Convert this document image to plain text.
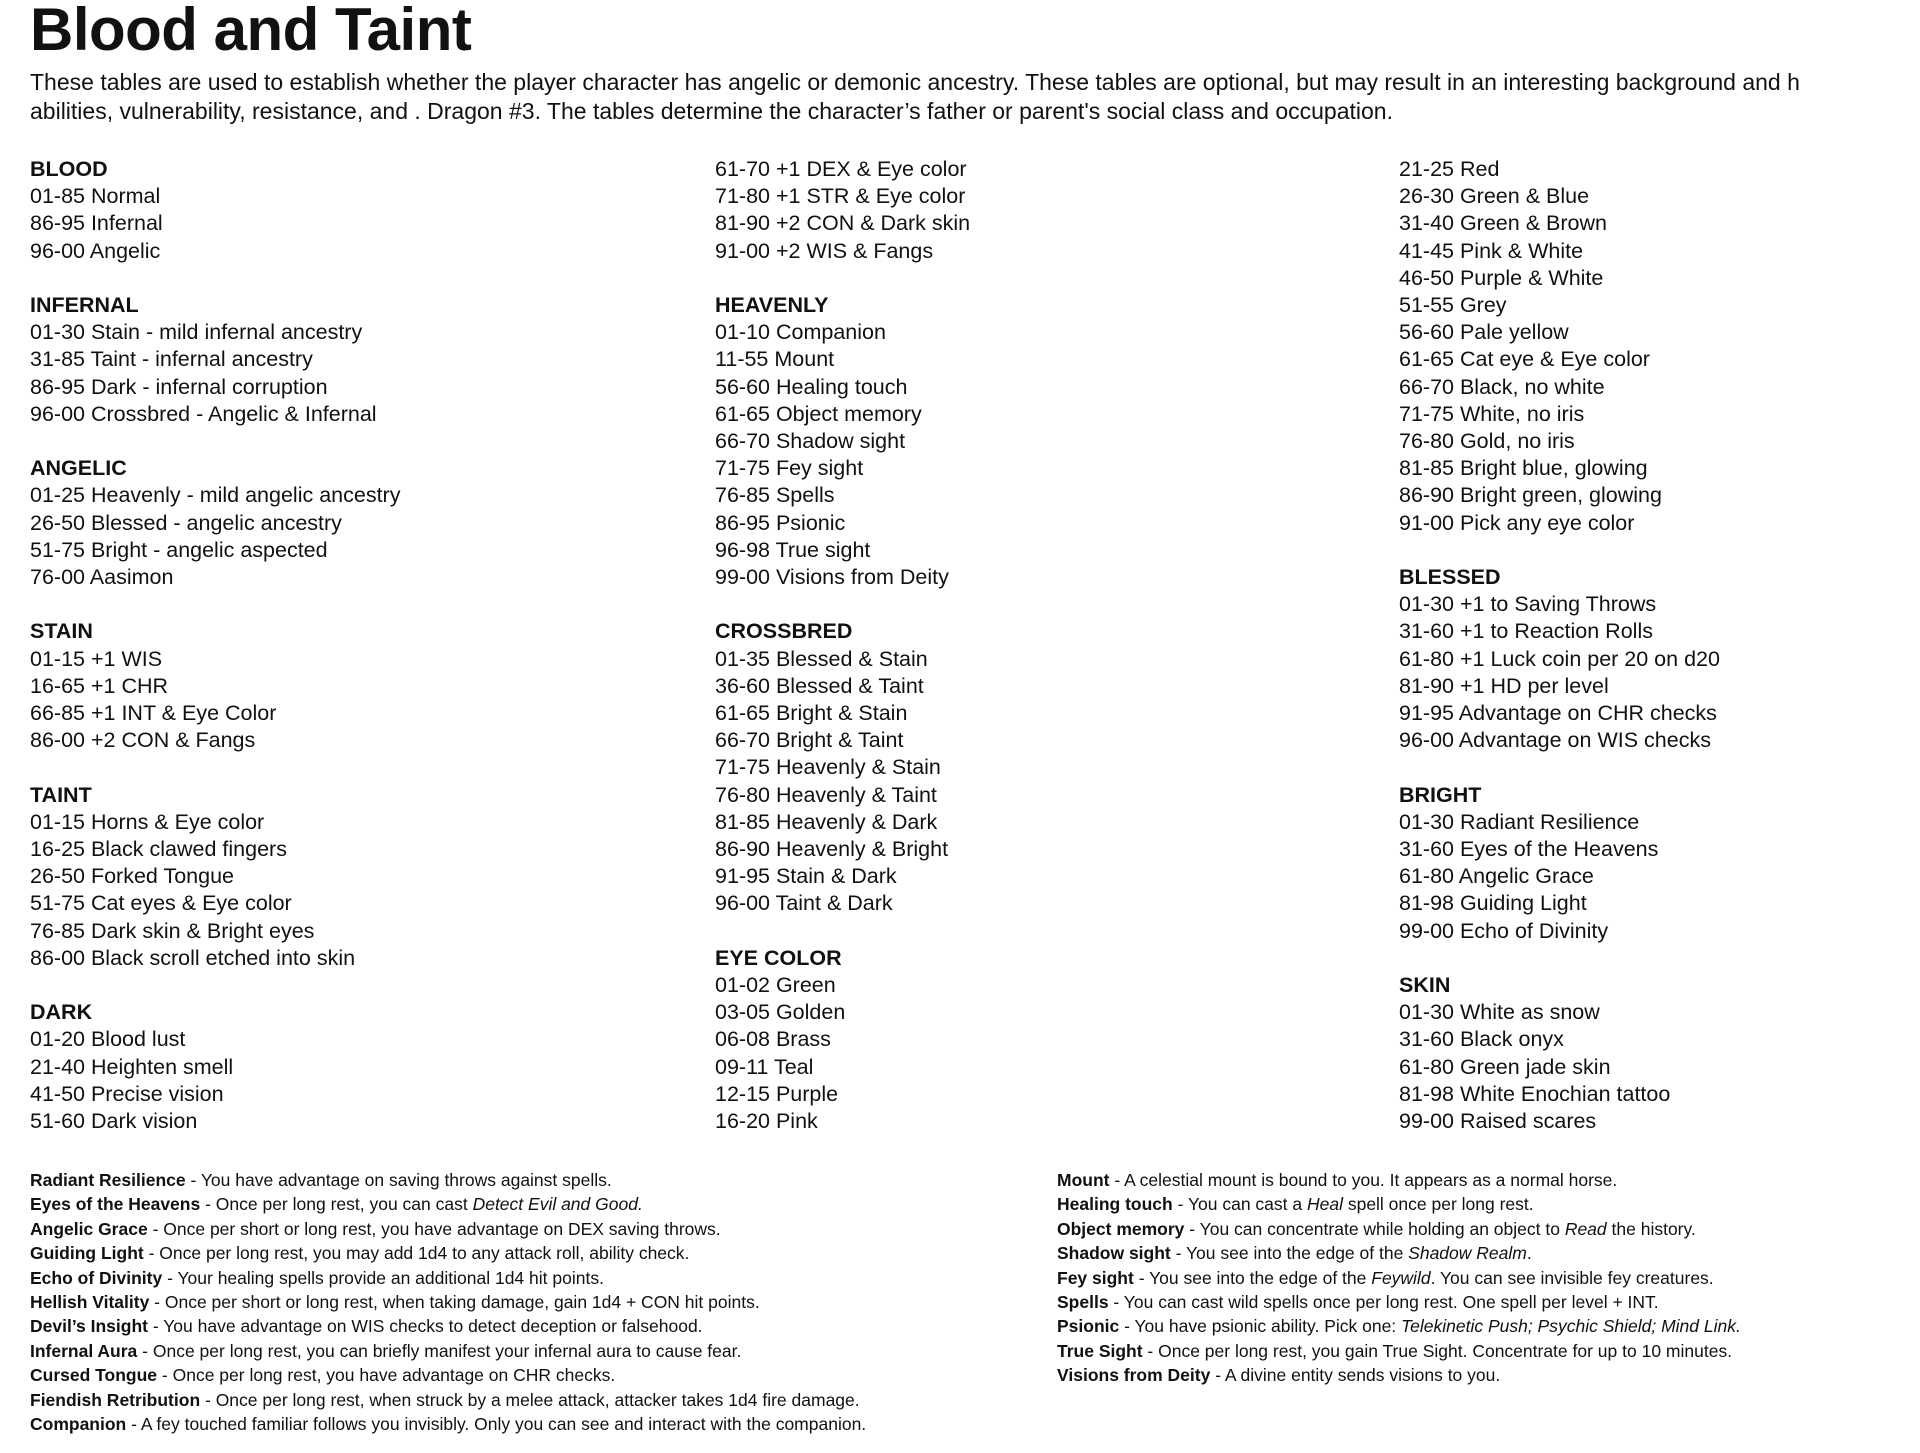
Blood and Taint
These tables are used to establish whether the player character has angelic or demonic ancestry. These tables are optional, but may result in an interesting background and h
abilities, vulnerability, resistance, and . Dragon #3. The tables determine the character’s father or parent's social class and occupation.
BLOOD
01-85 Normal
86-95 Infernal
96-00 Angelic
INFERNAL
01-30 Stain - mild infernal ancestry
31-85 Taint - infernal ancestry
86-95 Dark - infernal corruption
96-00 Crossbred - Angelic & Infernal
ANGELIC
01-25 Heavenly - mild angelic ancestry
26-50 Blessed - angelic ancestry
51-75 Bright - angelic aspected
76-00 Aasimon
STAIN
01-15 +1 WIS
16-65 +1 CHR
66-85 +1 INT & Eye Color
86-00 +2 CON & Fangs
TAINT
01-15 Horns & Eye color
16-25 Black clawed fingers
26-50 Forked Tongue
51-75 Cat eyes & Eye color
76-85 Dark skin & Bright eyes
86-00 Black scroll etched into skin
DARK
01-20 Blood lust
21-40 Heighten smell
41-50 Precise vision
51-60 Dark vision
61-70 +1 DEX & Eye color
71-80 +1 STR & Eye color
81-90 +2 CON & Dark skin
91-00 +2 WIS & Fangs
HEAVENLY
01-10 Companion
11-55 Mount
56-60 Healing touch
61-65 Object memory
66-70 Shadow sight
71-75 Fey sight
76-85 Spells
86-95 Psionic
96-98 True sight
99-00 Visions from Deity
CROSSBRED
01-35 Blessed & Stain
36-60 Blessed & Taint
61-65 Bright & Stain
66-70 Bright & Taint
71-75 Heavenly & Stain
76-80 Heavenly & Taint
81-85 Heavenly & Dark
86-90 Heavenly & Bright
91-95 Stain & Dark
96-00 Taint & Dark
EYE COLOR
01-02 Green
03-05 Golden
06-08 Brass
09-11 Teal
12-15 Purple
16-20 Pink
21-25 Red
26-30 Green & Blue
31-40 Green & Brown
41-45 Pink & White
46-50 Purple & White
51-55 Grey
56-60 Pale yellow
61-65 Cat eye & Eye color
66-70 Black, no white
71-75 White, no iris
76-80 Gold, no iris
81-85 Bright blue, glowing
86-90 Bright green, glowing
91-00 Pick any eye color
BLESSED
01-30 +1 to Saving Throws
31-60 +1 to Reaction Rolls
61-80 +1 Luck coin per 20 on d20
81-90 +1 HD per level
91-95 Advantage on CHR checks
96-00 Advantage on WIS checks
BRIGHT
01-30 Radiant Resilience
31-60 Eyes of the Heavens
61-80 Angelic Grace
81-98 Guiding Light
99-00 Echo of Divinity
SKIN
01-30 White as snow
31-60 Black onyx
61-80 Green jade skin
81-98 White Enochian tattoo
99-00 Raised scares
Radiant Resilience - You have advantage on saving throws against spells.
Eyes of the Heavens - Once per long rest, you can cast Detect Evil and Good.
Angelic Grace - Once per short or long rest, you have advantage on DEX saving throws.
Guiding Light - Once per long rest, you may add 1d4 to any attack roll, ability check.
Echo of Divinity - Your healing spells provide an additional 1d4 hit points.
Hellish Vitality - Once per short or long rest, when taking damage, gain 1d4 + CON hit points.
Devil’s Insight - You have advantage on WIS checks to detect deception or falsehood.
Infernal Aura - Once per long rest, you can briefly manifest your infernal aura to cause fear.
Cursed Tongue - Once per long rest, you have advantage on CHR checks.
Fiendish Retribution - Once per long rest, when struck by a melee attack, attacker takes 1d4 fire damage.
Companion - A fey touched familiar follows you invisibly. Only you can see and interact with the companion.
Mount - A celestial mount is bound to you. It appears as a normal horse.
Healing touch - You can cast a Heal spell once per long rest.
Object memory - You can concentrate while holding an object to Read the history.
Shadow sight - You see into the edge of the Shadow Realm.
Fey sight - You see into the edge of the Feywild. You can see invisible fey creatures.
Spells - You can cast wild spells once per long rest. One spell per level + INT.
Psionic - You have psionic ability. Pick one: Telekinetic Push; Psychic Shield; Mind Link.
True Sight - Once per long rest, you gain True Sight. Concentrate for up to 10 minutes.
Visions from Deity - A divine entity sends visions to you.
